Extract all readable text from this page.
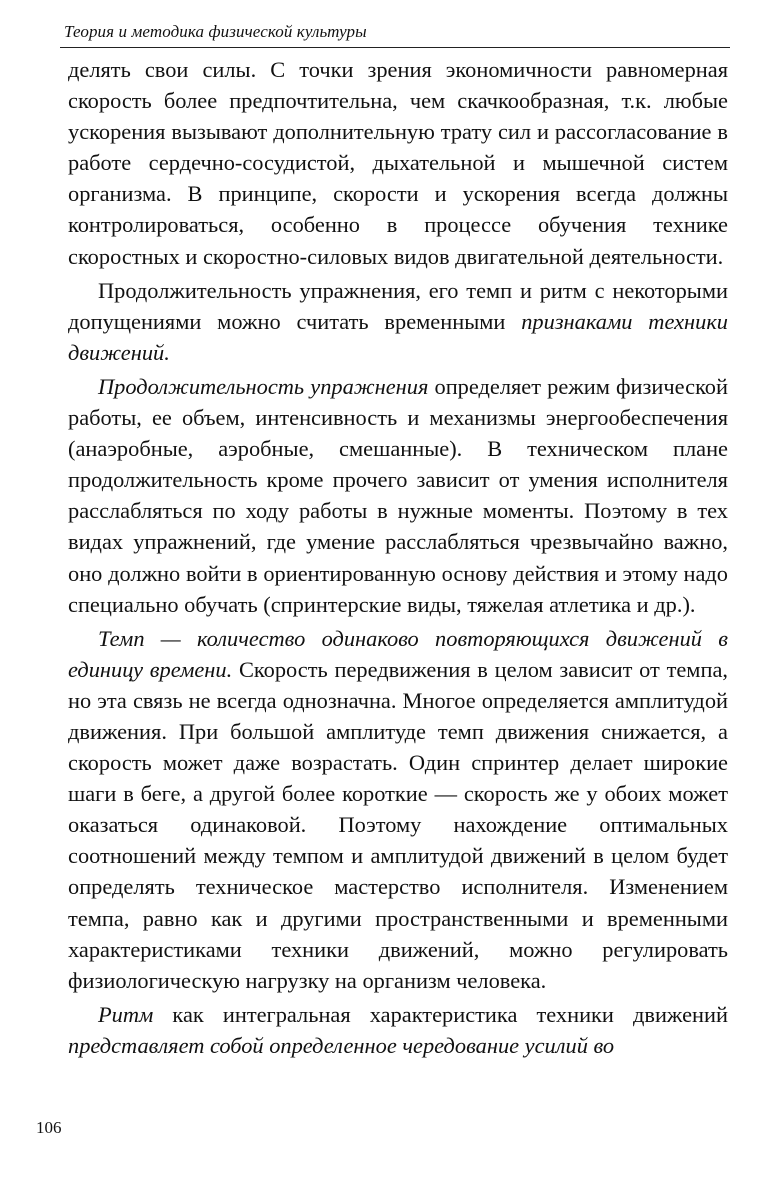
Теория и методика физической культуры

делять свои силы. С точки зрения экономичности равномерная скорость более предпочтительна, чем скачкообразная, т.к. любые ускорения вызывают дополнительную трату сил и рассогласование в работе сердечно-сосудистой, дыхательной и мышечной систем организма. В принципе, скорости и ускорения всегда должны контролироваться, особенно в процессе обучения технике скоростных и скоростно-силовых видов двигательной деятельности.

Продолжительность упражнения, его темп и ритм с некоторыми допущениями можно считать временными признаками техники движений.

Продолжительность упражнения определяет режим физической работы, ее объем, интенсивность и механизмы энергообеспечения (анаэробные, аэробные, смешанные). В техническом плане продолжительность кроме прочего зависит от умения исполнителя расслабляться по ходу работы в нужные моменты. Поэтому в тех видах упражнений, где умение расслабляться чрезвычайно важно, оно должно войти в ориентированную основу действия и этому надо специально обучать (спринтерские виды, тяжелая атлетика и др.).

Темп — количество одинаково повторяющихся движений в единицу времени. Скорость передвижения в целом зависит от темпа, но эта связь не всегда однозначна. Многое определяется амплитудой движения. При большой амплитуде темп движения снижается, а скорость может даже возрастать. Один спринтер делает широкие шаги в беге, а другой более короткие — скорость же у обоих может оказаться одинаковой. Поэтому нахождение оптимальных соотношений между темпом и амплитудой движений в целом будет определять техническое мастерство исполнителя. Изменением темпа, равно как и другими пространственными и временными характеристиками техники движений, можно регулировать физиологическую нагрузку на организм человека.

Ритм как интегральная характеристика техники движений представляет собой определенное чередование усилий во

106
